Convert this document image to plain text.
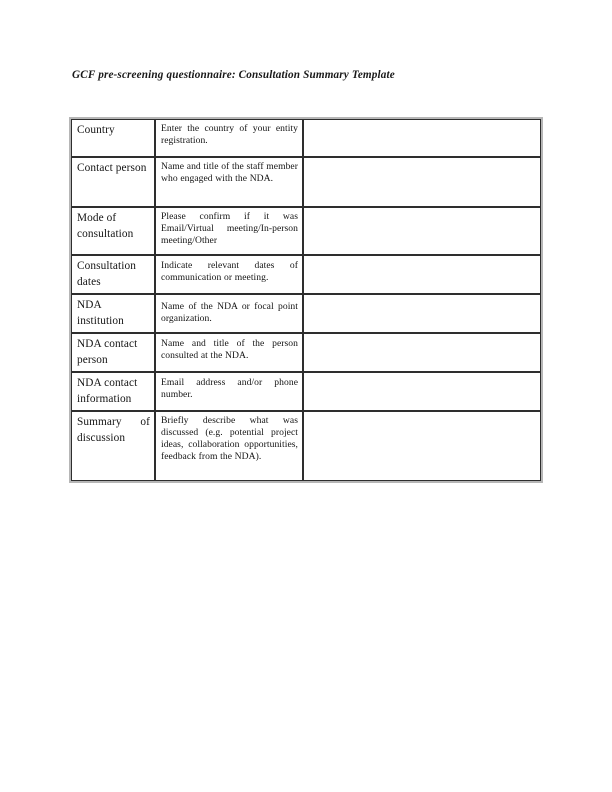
GCF pre-screening questionnaire: Consultation Summary Template
Country	Enter the country of your entity registration.	

Contact person	Name and title of the staff member who engaged with the NDA.	

Mode of consultation	Please confirm if it was Email/Virtual meeting/In-person meeting/Other	

Consultation dates	Indicate relevant dates of communication or meeting.	

NDA institution	Name of the NDA or focal point organization.	

NDA contact person	Name and title of the person consulted at the NDA.	

NDA contact information	Email address and/or phone number.	

Summary of discussion	Briefly describe what was discussed (e.g. potential project ideas, collaboration opportunities, feedback from the NDA).	
